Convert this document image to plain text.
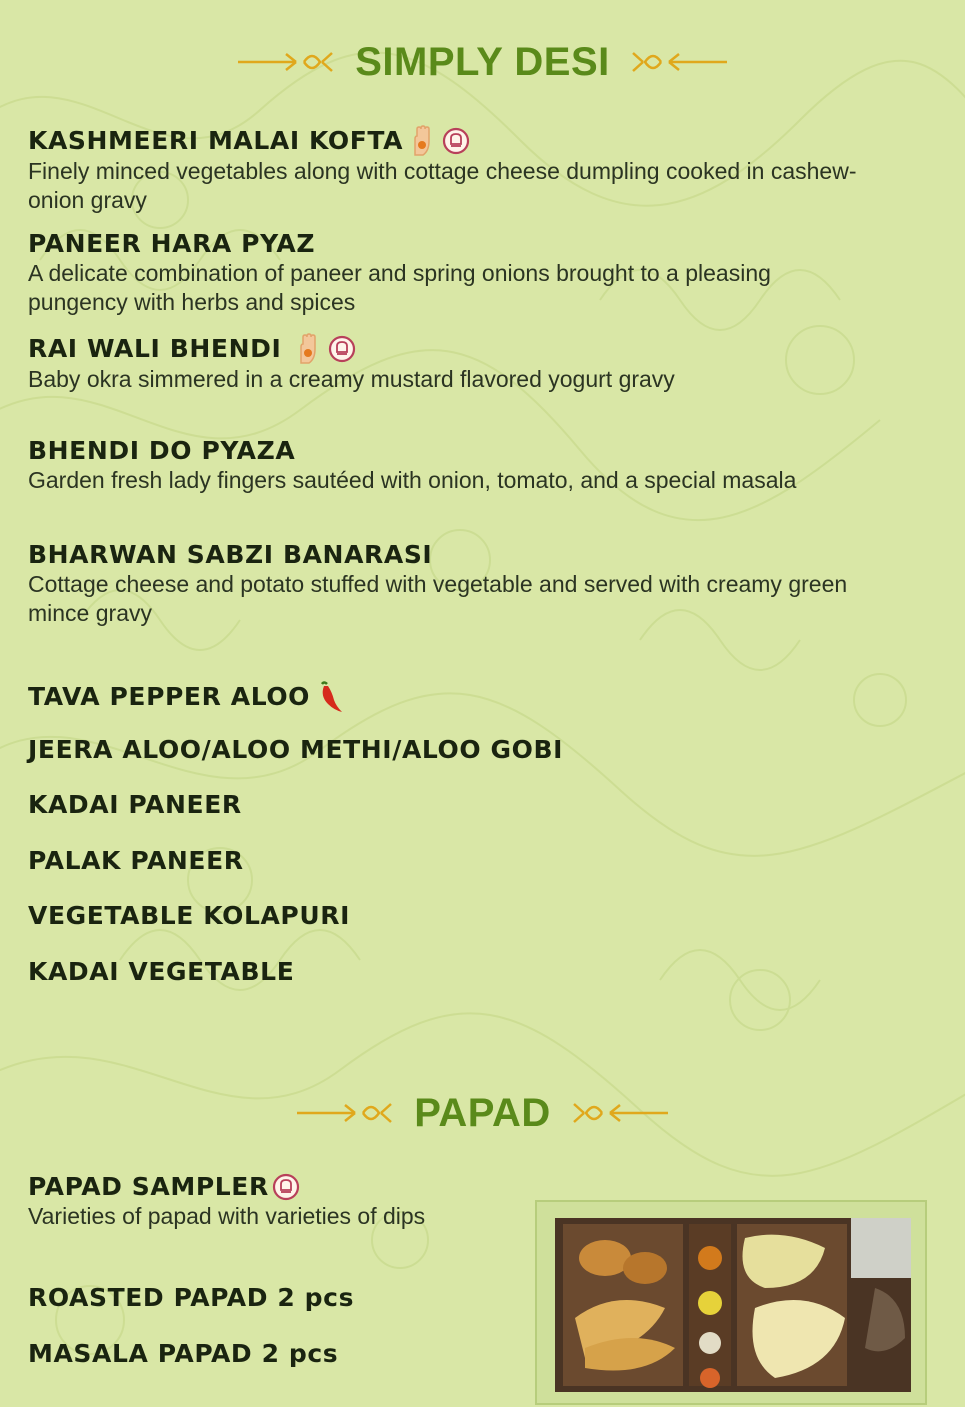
SIMPLY DESI
KASHMEERI MALAI KOFTA
Finely minced vegetables along with cottage cheese dumpling cooked in cashew-onion gravy
PANEER HARA PYAZ
A delicate combination of paneer and spring onions brought to a pleasing pungency with herbs and spices
RAI WALI BHENDI
Baby okra simmered in a creamy mustard flavored yogurt gravy
BHENDI DO PYAZA
Garden fresh lady fingers sautéed with onion, tomato, and a special masala
BHARWAN SABZI BANARASI
Cottage cheese and potato stuffed with vegetable and served with creamy green mince gravy
TAVA PEPPER ALOO
JEERA ALOO/ALOO METHI/ALOO GOBI
KADAI PANEER
PALAK PANEER
VEGETABLE KOLAPURI
KADAI VEGETABLE
PAPAD
PAPAD SAMPLER
Varieties of papad with varieties of dips
ROASTED PAPAD 2 pcs
MASALA PAPAD 2 pcs
